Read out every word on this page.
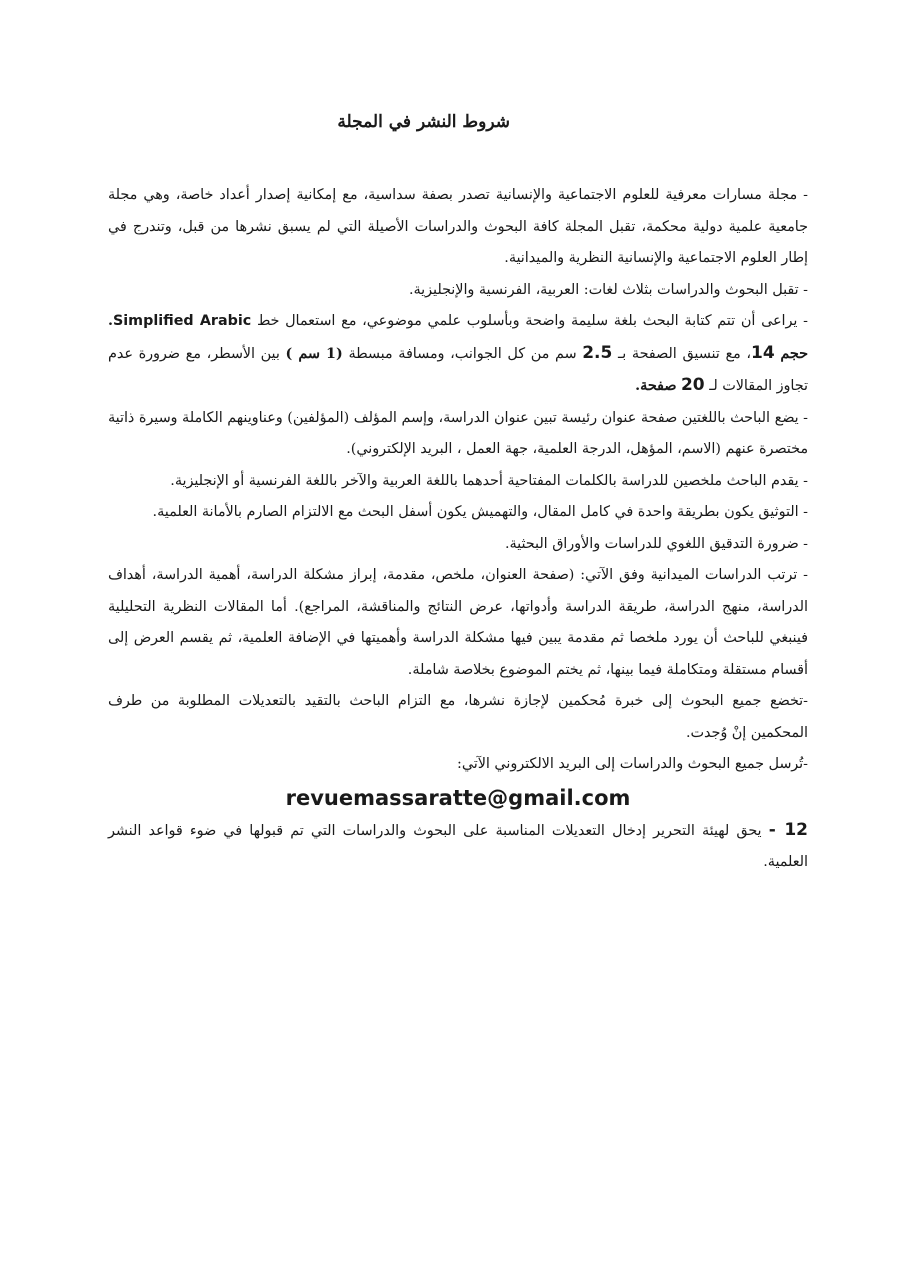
شروط النشر في المجلة

- مجلة مسارات معرفية للعلوم الاجتماعية والإنسانية تصدر بصفة سداسية، مع إمكانية إصدار أعداد خاصة، وهي مجلة جامعية علمية دولية محكمة، تقبل المجلة كافة البحوث والدراسات الأصيلة التي لم يسبق نشرها من قبل، وتندرج في إطار العلوم الاجتماعية والإنسانية النظرية والميدانية.

- تقبل البحوث والدراسات بثلاث لغات: العربية، الفرنسية والإنجليزية.

- يراعى أن تتم كتابة البحث بلغة سليمة واضحة وبأسلوب علمي موضوعي، مع استعمال خط Simplified Arabic. حجم 14، مع تنسيق الصفحة بـ 2.5 سم من كل الجوانب، ومسافة مبسطة (1 سم ) بين الأسطر، مع ضرورة عدم تجاوز المقالات لـ 20 صفحة.

- يضع الباحث باللغتين صفحة عنوان رئيسة تبين عنوان الدراسة، وإسم المؤلف (المؤلفين) وعناوينهم الكاملة وسيرة ذاتية مختصرة عنهم (الاسم، المؤهل، الدرجة العلمية، جهة العمل ، البريد الإلكتروني).

- يقدم الباحث ملخصين للدراسة بالكلمات المفتاحية أحدهما باللغة العربية والآخر باللغة الفرنسية أو الإنجليزية.

- التوثيق يكون بطريقة واحدة في كامل المقال، والتهميش يكون أسفل البحث مع الالتزام الصارم بالأمانة العلمية.

- ضرورة التدقيق اللغوي للدراسات والأوراق البحثية.

- ترتب الدراسات الميدانية وفق الآتي: (صفحة العنوان، ملخص، مقدمة، إبراز مشكلة الدراسة، أهمية الدراسة، أهداف الدراسة، منهج الدراسة، طريقة الدراسة وأدواتها، عرض النتائج والمناقشة، المراجع). أما المقالات النظرية التحليلية فينبغي للباحث أن يورد ملخصا ثم مقدمة يبين فيها مشكلة الدراسة وأهميتها في الإضافة العلمية، ثم يقسم العرض إلى أقسام مستقلة ومتكاملة فيما بينها، ثم يختم الموضوع بخلاصة شاملة.

-تخضع جميع البحوث إلى خبرة مُحكمين لإجازة نشرها، مع التزام الباحث بالتقيد بالتعديلات المطلوبة من طرف المحكمين إنْ وُجدت.

-تُرسل جميع البحوث والدراسات إلى البريد الالكتروني الآتي:

revuemassaratte@gmail.com

12 - يحق لهيئة التحرير إدخال التعديلات المناسبة على البحوث والدراسات التي تم قبولها في ضوء قواعد النشر العلمية.
